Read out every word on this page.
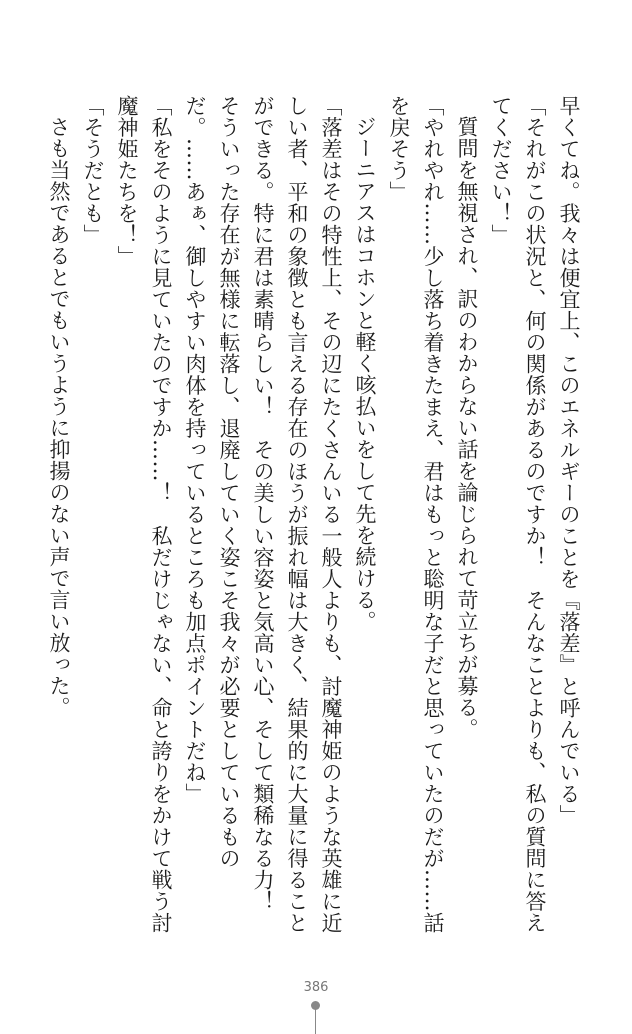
早くてね。我々は便宜上、このエネルギーのことを『落差』と呼んでいる」

「それがこの状況と、何の関係があるのですか！　そんなことよりも、私の質問に答えてください！」

質問を無視され、訳のわからない話を論じられて苛立ちが募る。

「やれやれ……少し落ち着きたまえ、君はもっと聡明な子だと思っていたのだが……話を戻そう」

ジーニアスはコホンと軽く咳払いをして先を続ける。

「落差はその特性上、その辺にたくさんいる一般人よりも、討魔神姫のような英雄に近しい者、平和の象徴とも言える存在のほうが振れ幅は大きく、結果的に大量に得ることができる。特に君は素晴らしい！　その美しい容姿と気高い心、そして類稀なる力！　そういった存在が無様に転落し、退廃していく姿こそ我々が必要としているものだ。……あぁ、御しやすい肉体を持っているところも加点ポイントだね」

「私をそのように見ていたのですか……！　私だけじゃない、命と誇りをかけて戦う討魔神姫たちを！」

「そうだとも」

さも当然であるとでもいうように抑揚のない声で言い放った。

386
